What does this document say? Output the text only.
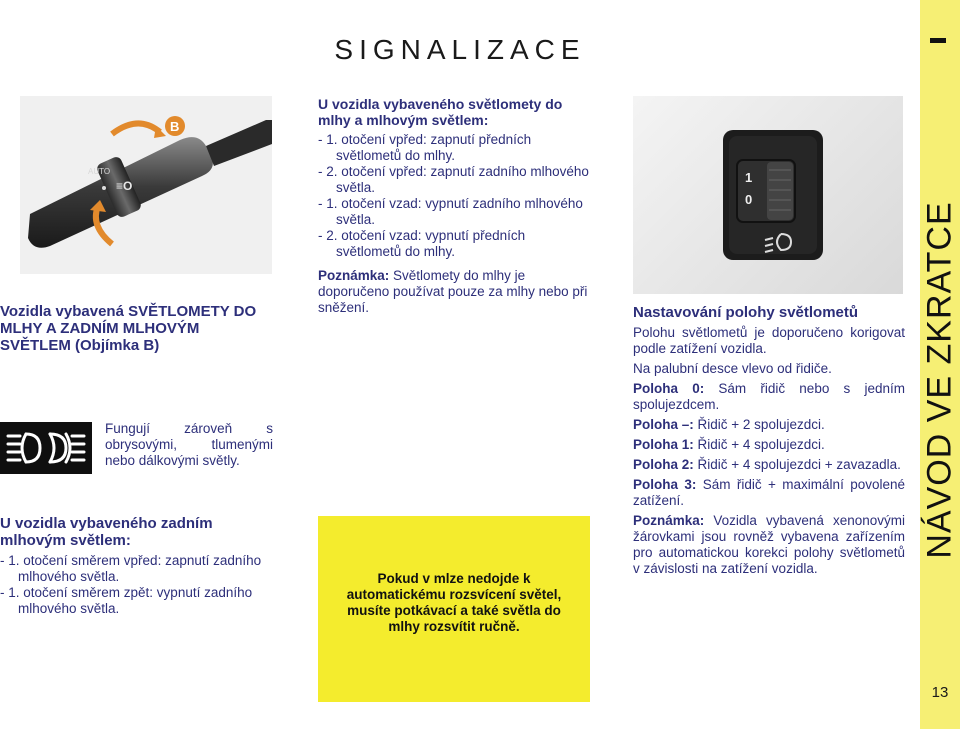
SIGNALIZACE
NÁVOD VE ZKRATCE
13
AUTO
≡O
B
Vozidla vybavená SVĚTLOMETY DO MLHY A ZADNÍM MLHOVÝM SVĚTLEM (Objímka B)
Fungují zároveň s obrysovými, tlumenými nebo dálkovými světly.
U vozidla vybaveného zadním mlhovým světlem:
- 1. otočení směrem vpřed: zapnutí zadního mlhového světla.
- 1. otočení směrem zpět: vypnutí zadního mlhového světla.
U vozidla vybaveného světlomety do mlhy a mlhovým světlem:
- 1. otočení vpřed: zapnutí předních světlometů do mlhy.
- 2. otočení vpřed: zapnutí zadního mlhového světla.
- 1. otočení vzad: vypnutí zadního mlhového světla.
- 2. otočení vzad: vypnutí předních světlometů do mlhy.
Poznámka: Světlomety do mlhy je doporučeno používat pouze za mlhy nebo při sněžení.
Pokud v mlze nedojde k automatickému rozsvícení světel, musíte potkávací a také světla do mlhy rozsvítit ručně.
1
0
Nastavování polohy světlometů

Polohu světlometů je doporučeno korigovat podle zatížení vozidla.

Na palubní desce vlevo od řidiče.

Poloha 0: Sám řidič nebo s jedním spolujezdcem.

Poloha –: Řidič + 2 spolujezdci.

Poloha 1: Řidič + 4 spolujezdci.

Poloha 2: Řidič + 4 spolujezdci + zavazadla.

Poloha 3: Sám řidič + maximální povolené zatížení.

Poznámka: Vozidla vybavená xenonovými žárovkami jsou rovněž vybavena zařízením pro automatickou korekci polohy světlometů v závislosti na zatížení vozidla.
